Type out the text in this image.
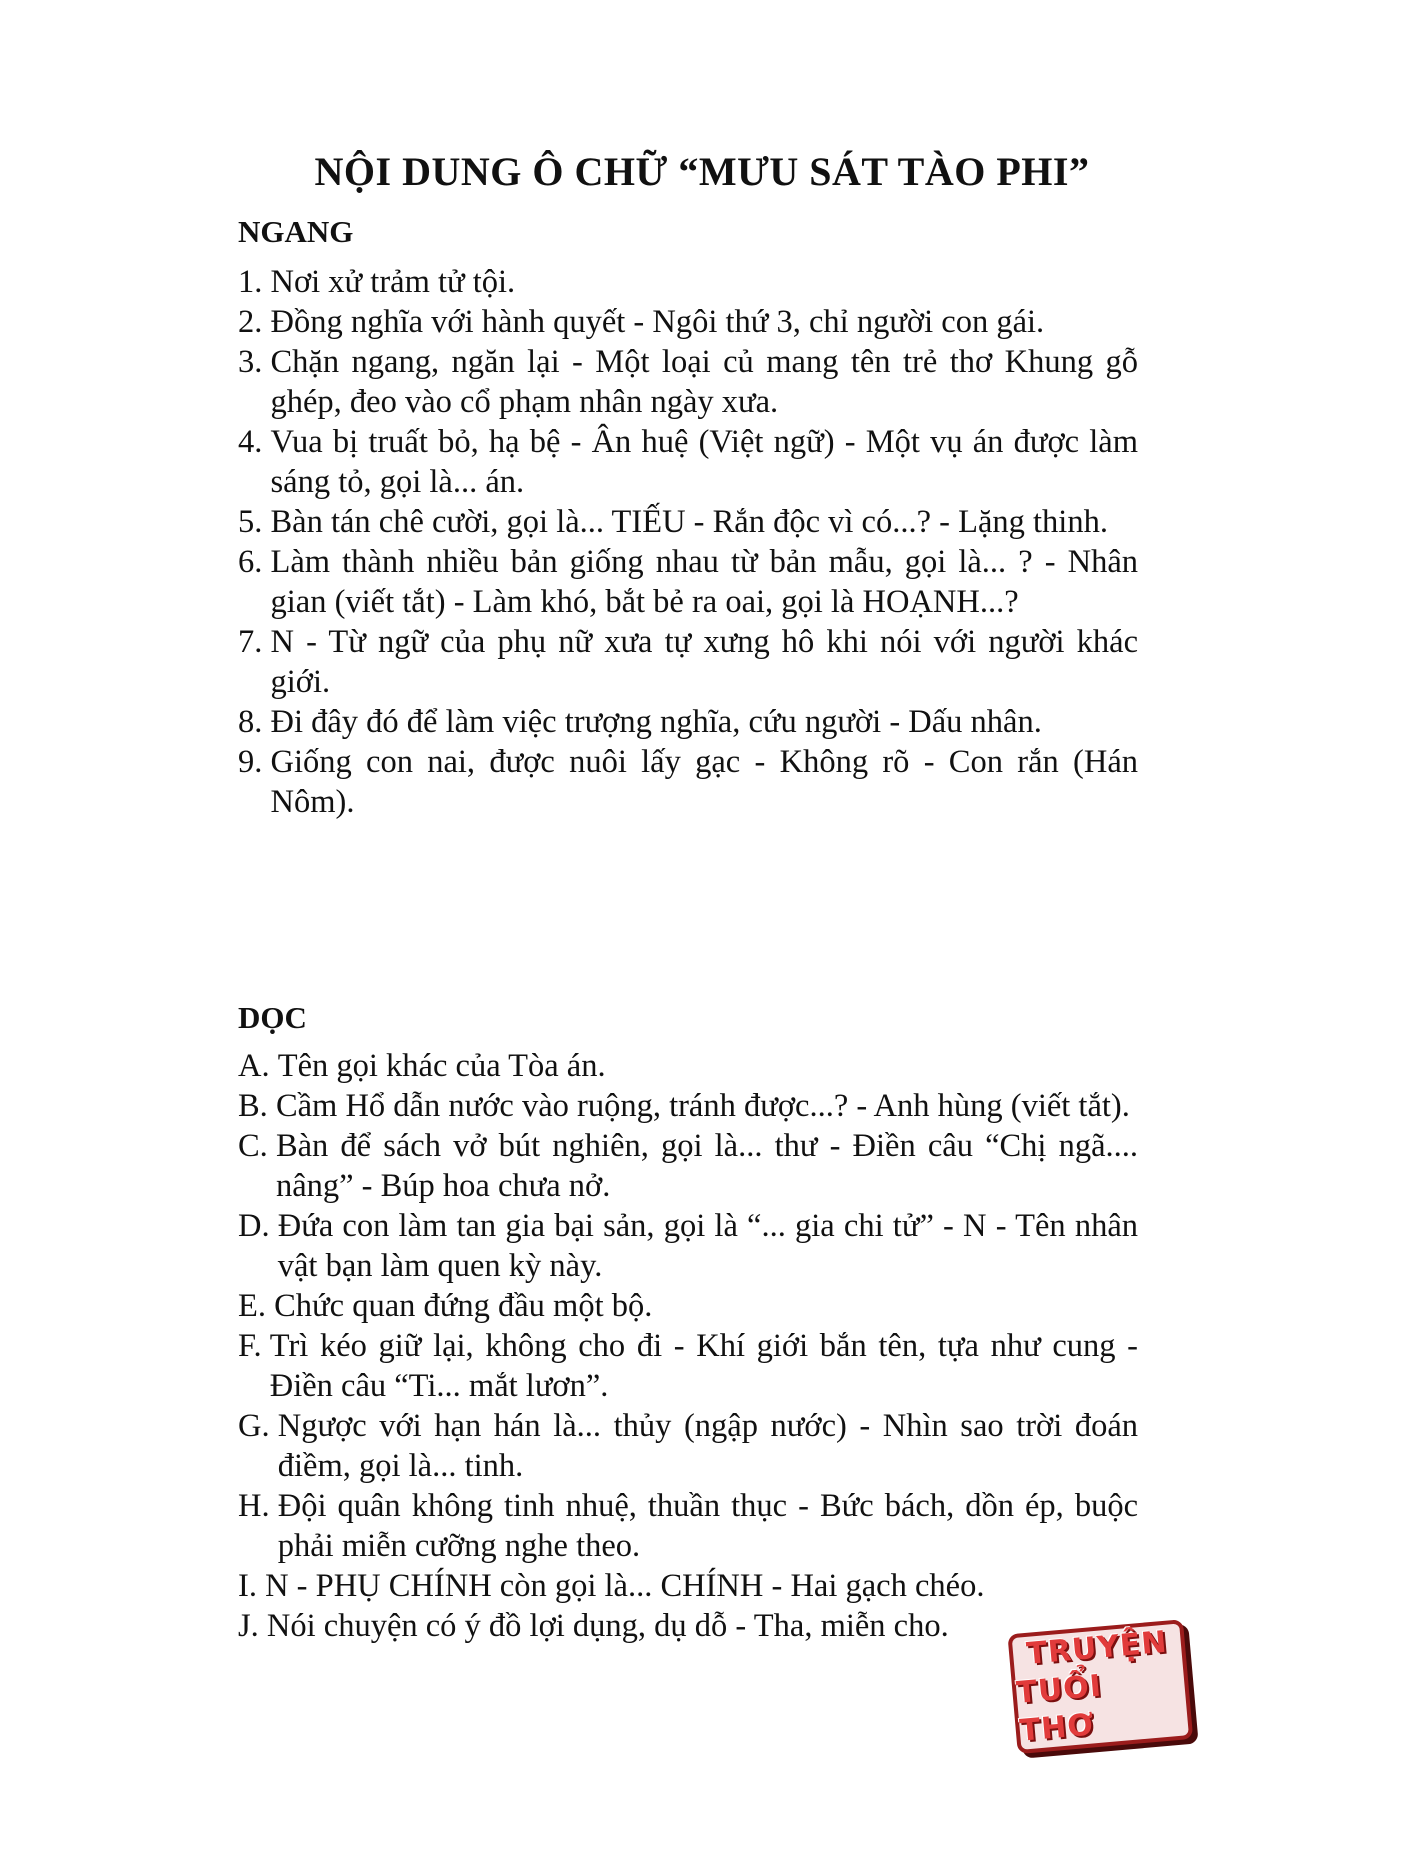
NỘI DUNG Ô CHỮ “MƯU SÁT TÀO PHI”
NGANG
1.
Nơi xử trảm tử tội.
2.
Đồng nghĩa với hành quyết - Ngôi thứ 3, chỉ người con gái.
3.
Chặn ngang, ngăn lại - Một loại củ mang tên trẻ thơ Khung gỗ ghép, đeo vào cổ phạm nhân ngày xưa.
4.
Vua bị truất bỏ, hạ bệ - Ân huệ (Việt ngữ) - Một vụ án được làm sáng tỏ, gọi là... án.
5.
Bàn tán chê cười, gọi là... TIẾU - Rắn độc vì có...? - Lặng thinh.
6.
Làm thành nhiều bản giống nhau từ bản mẫu, gọi là... ? - Nhân gian (viết tắt) - Làm khó, bắt bẻ ra oai, gọi là HOẠNH...?
7.
N - Từ ngữ của phụ nữ xưa tự xưng hô khi nói với người khác giới.
8.
Đi đây đó để làm việc trượng nghĩa, cứu người - Dấu nhân.
9.
Giống con nai, được nuôi lấy gạc - Không rõ - Con rắn (Hán Nôm).
DỌC
A.
Tên gọi khác của Tòa án.
B.
Cầm Hổ dẫn nước vào ruộng, tránh được...? - Anh hùng (viết tắt).
C.
Bàn để sách vở bút nghiên, gọi là... thư - Điền câu “Chị ngã.... nâng” - Búp hoa chưa nở.
D.
Đứa con làm tan gia bại sản, gọi là “... gia chi tử” - N - Tên nhân vật bạn làm quen kỳ này.
E.
Chức quan đứng đầu một bộ.
F.
Trì kéo giữ lại, không cho đi - Khí giới bắn tên, tựa như cung - Điền câu “Ti... mắt lươn”.
G.
Ngược với hạn hán là... thủy (ngập nước) - Nhìn sao trời đoán điềm, gọi là... tinh.
H.
Đội quân không tinh nhuệ, thuần thục - Bức bách, dồn ép, buộc phải miễn cưỡng nghe theo.
I.
N - PHỤ CHÍNH còn gọi là... CHÍNH - Hai gạch chéo.
J.
Nói chuyện có ý đồ lợi dụng, dụ dỗ - Tha, miễn cho.	TRUYỆN
TUỔI THƠ
